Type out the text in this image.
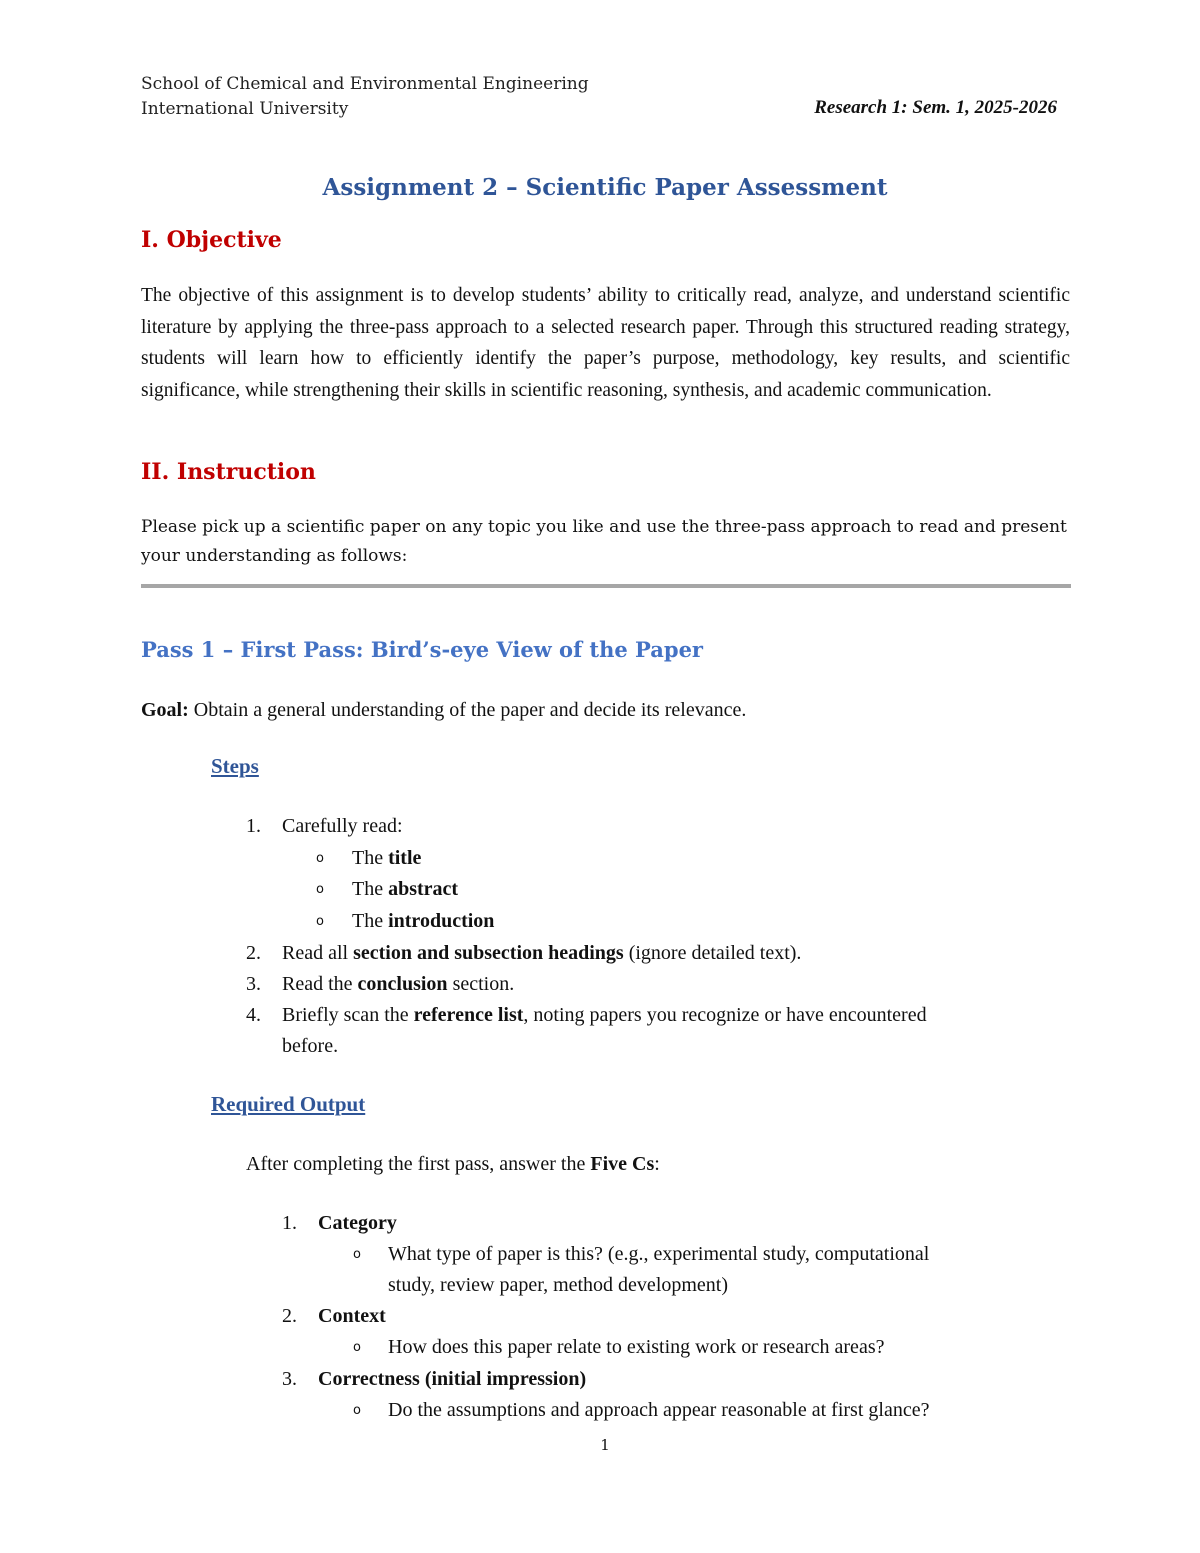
School of Chemical and Environmental Engineering
International University	Research 1: Sem. 1, 2025-2026
Assignment 2 – Scientific Paper Assessment
I. Objective
The objective of this assignment is to develop students’ ability to critically read, analyze, and understand scientific literature by applying the three-pass approach to a selected research paper. Through this structured reading strategy, students will learn how to efficiently identify the paper’s purpose, methodology, key results, and scientific significance, while strengthening their skills in scientific reasoning, synthesis, and academic communication.
II. Instruction
Please pick up a scientific paper on any topic you like and use the three-pass approach to read and present your understanding as follows:
Pass 1 – First Pass: Bird’s-eye View of the Paper
Goal: Obtain a general understanding of the paper and decide its relevance.
Steps
1. Carefully read:
o The title
o The abstract
o The introduction
2. Read all section and subsection headings (ignore detailed text).
3. Read the conclusion section.
4. Briefly scan the reference list, noting papers you recognize or have encountered
before.
Required Output
After completing the first pass, answer the Five Cs:
1. Category
o What type of paper is this? (e.g., experimental study, computational
study, review paper, method development)
2. Context
o How does this paper relate to existing work or research areas?
3. Correctness (initial impression)
o Do the assumptions and approach appear reasonable at first glance?
1
